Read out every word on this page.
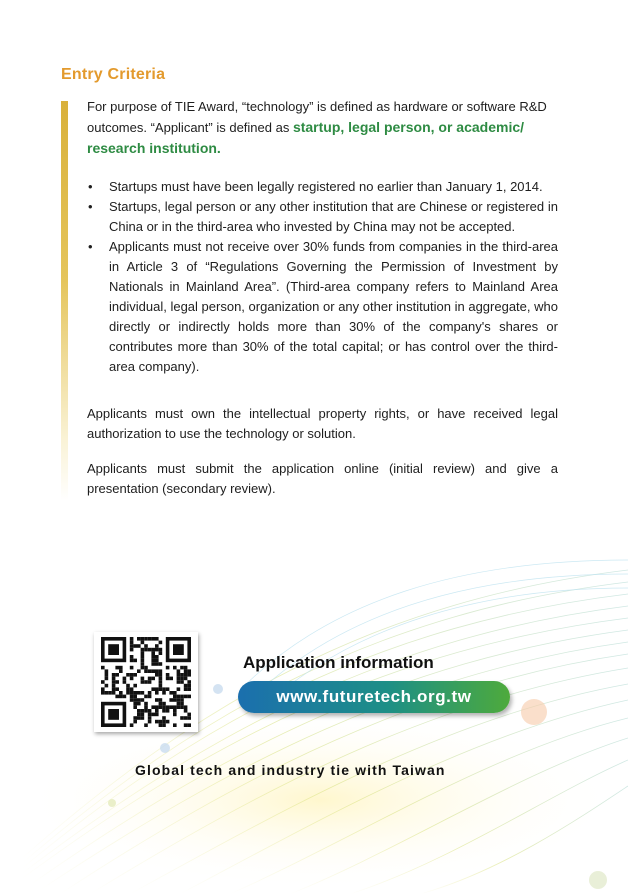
Entry Criteria

For purpose of TIE Award, “technology” is defined as hardware or software R&D outcomes. “Applicant” is defined as startup, legal person, or academic/ research institution.

• Startups must have been legally registered no earlier than January 1, 2014.
• Startups, legal person or any other institution that are Chinese or registered in China or in the third-area who invested by China may not be accepted.
• Applicants must not receive over 30% funds from companies in the third-area in Article 3 of “Regulations Governing the Permission of Investment by Nationals in Mainland Area”. (Third-area company refers to Mainland Area individual, legal person, organization or any other institution in aggregate, who directly or indirectly holds more than 30% of the company's shares or contributes more than 30% of the total capital; or has control over the third-area company).

Applicants must own the intellectual property rights, or have received legal authorization to use the technology or solution.

Applicants must submit the application online (initial review) and give a presentation (secondary review).

Application information
www.futuretech.org.tw
Global tech and industry tie with Taiwan
